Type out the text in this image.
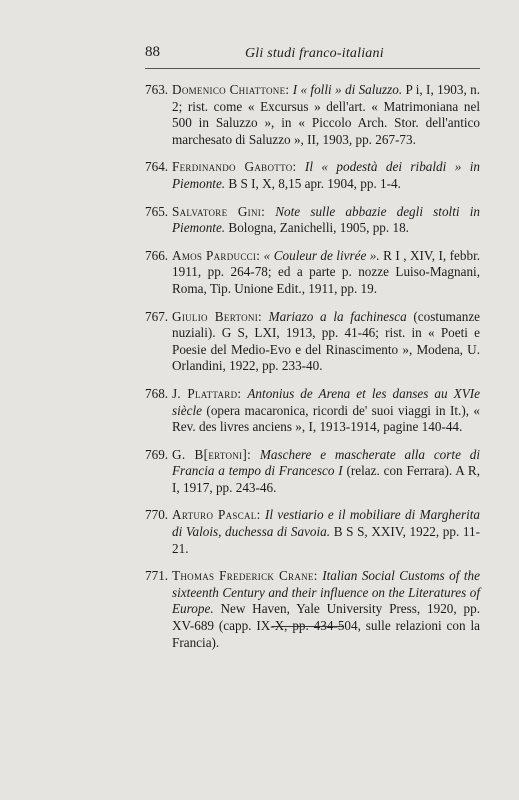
88	Gli studi franco-italiani
763. Domenico Chiattone: I « folli » di Saluzzo. P i, I, 1903, n. 2; rist. come « Excursus » dell'art. « Matrimoniana nel 500 in Saluzzo », in « Piccolo Arch. Stor. dell'antico marchesato di Saluzzo », II, 1903, pp. 267-73.
764. Ferdinando Gabotto: Il « podestà dei ribaldi » in Piemonte. B S I, X, 8,15 apr. 1904, pp. 1-4.
765. Salvatore Gini: Note sulle abbazie degli stolti in Piemonte. Bologna, Zanichelli, 1905, pp. 18.
766. Amos Parducci: « Couleur de livrée ». R I , XIV, I, febbr. 1911, pp. 264-78; ed a parte p. nozze Luiso-Magnani, Roma, Tip. Unione Edit., 1911, pp. 19.
767. Giulio Bertoni: Mariazo a la fachinesca (costumanze nuziali). G S, LXI, 1913, pp. 41-46; rist. in « Poeti e Poesie del Medio-Evo e del Rinascimento », Modena, U. Orlandini, 1922, pp. 233-40.
768. J. Plattard: Antonius de Arena et les danses au XVIe siècle (opera macaronica, ricordi de' suoi viaggi in It.), « Rev. des livres anciens », I, 1913-1914, pagine 140-44.
769. G. B[ertoni]: Maschere e mascherate alla corte di Francia a tempo di Francesco I (relaz. con Ferrara). A R, I, 1917, pp. 243-46.
770. Arturo Pascal: Il vestiario e il mobiliare di Margherita di Valois, duchessa di Savoia. B S S, XXIV, 1922, pp. 11-21.
771. Thomas Frederick Crane: Italian Social Customs of the sixteenth Century and their influence on the Literatures of Europe. New Haven, Yale University Press, 1920, pp. XV-689 (capp. IX-X, pp. 434-504, sulle relazioni con la Francia).
